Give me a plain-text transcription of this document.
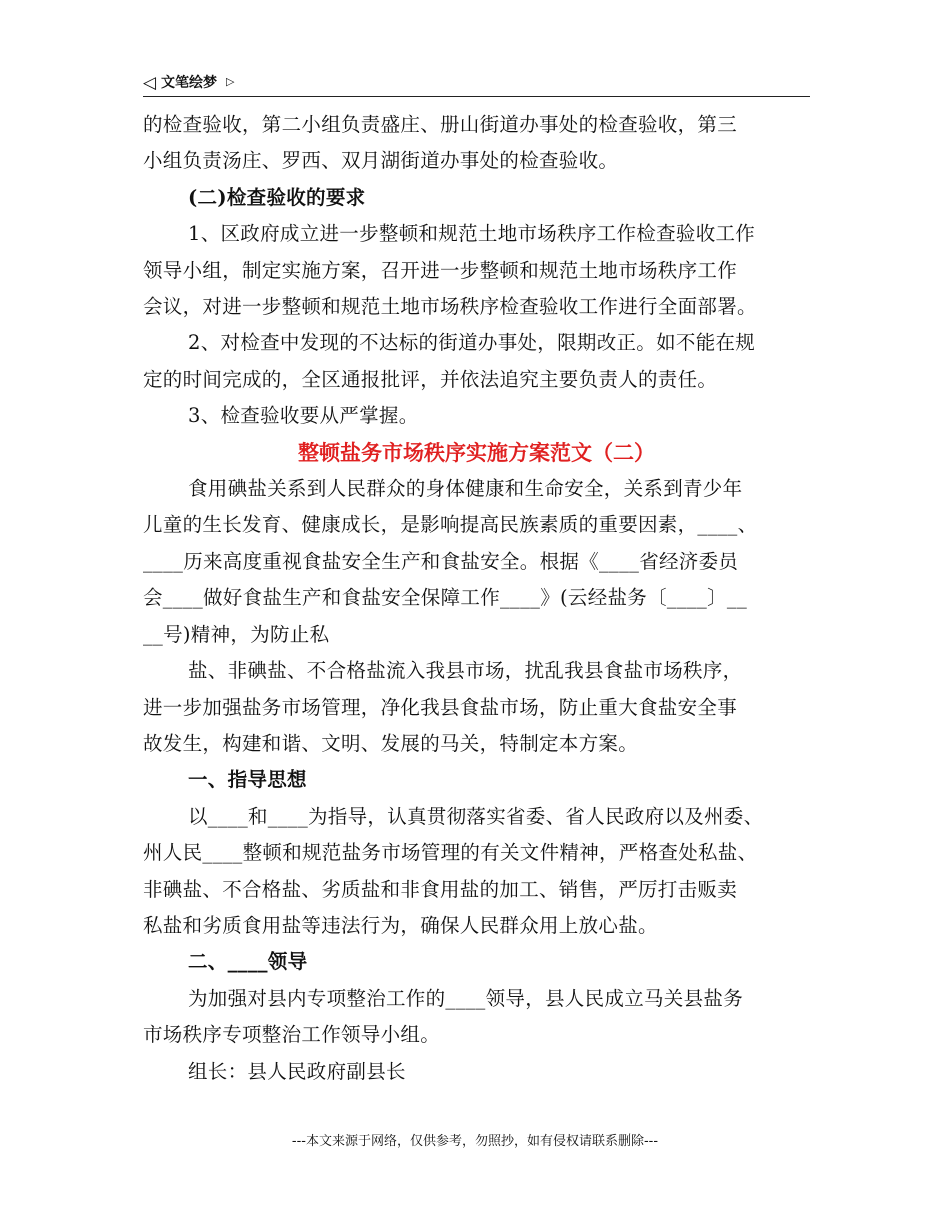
◁ 文笔绘梦 ▷

的检查验收，第二小组负责盛庄、册山街道办事处的检查验收，第三

小组负责汤庄、罗西、双月湖街道办事处的检查验收。

(二)检查验收的要求

1、区政府成立进一步整顿和规范土地市场秩序工作检查验收工作

领导小组，制定实施方案，召开进一步整顿和规范土地市场秩序工作

会议，对进一步整顿和规范土地市场秩序检查验收工作进行全面部署。

2、对检查中发现的不达标的街道办事处，限期改正。如不能在规

定的时间完成的，全区通报批评，并依法追究主要负责人的责任。

3、检查验收要从严掌握。

整顿盐务市场秩序实施方案范文（二）

食用碘盐关系到人民群众的身体健康和生命安全，关系到青少年

儿童的生长发育、健康成长，是影响提高民族素质的重要因素，____、

____历来高度重视食盐安全生产和食盐安全。根据《____省经济委员

会____做好食盐生产和食盐安全保障工作____》(云经盐务〔____〕__

__号)精神，为防止私

盐、非碘盐、不合格盐流入我县市场，扰乱我县食盐市场秩序，

进一步加强盐务市场管理，净化我县食盐市场，防止重大食盐安全事

故发生，构建和谐、文明、发展的马关，特制定本方案。

一、指导思想

以____和____为指导，认真贯彻落实省委、省人民政府以及州委、

州人民____整顿和规范盐务市场管理的有关文件精神，严格查处私盐、

非碘盐、不合格盐、劣质盐和非食用盐的加工、销售，严厉打击贩卖

私盐和劣质食用盐等违法行为，确保人民群众用上放心盐。

二、____领导

为加强对县内专项整治工作的____领导，县人民成立马关县盐务

市场秩序专项整治工作领导小组。

组长：县人民政府副县长

---本文来源于网络，仅供参考，勿照抄，如有侵权请联系删除---
